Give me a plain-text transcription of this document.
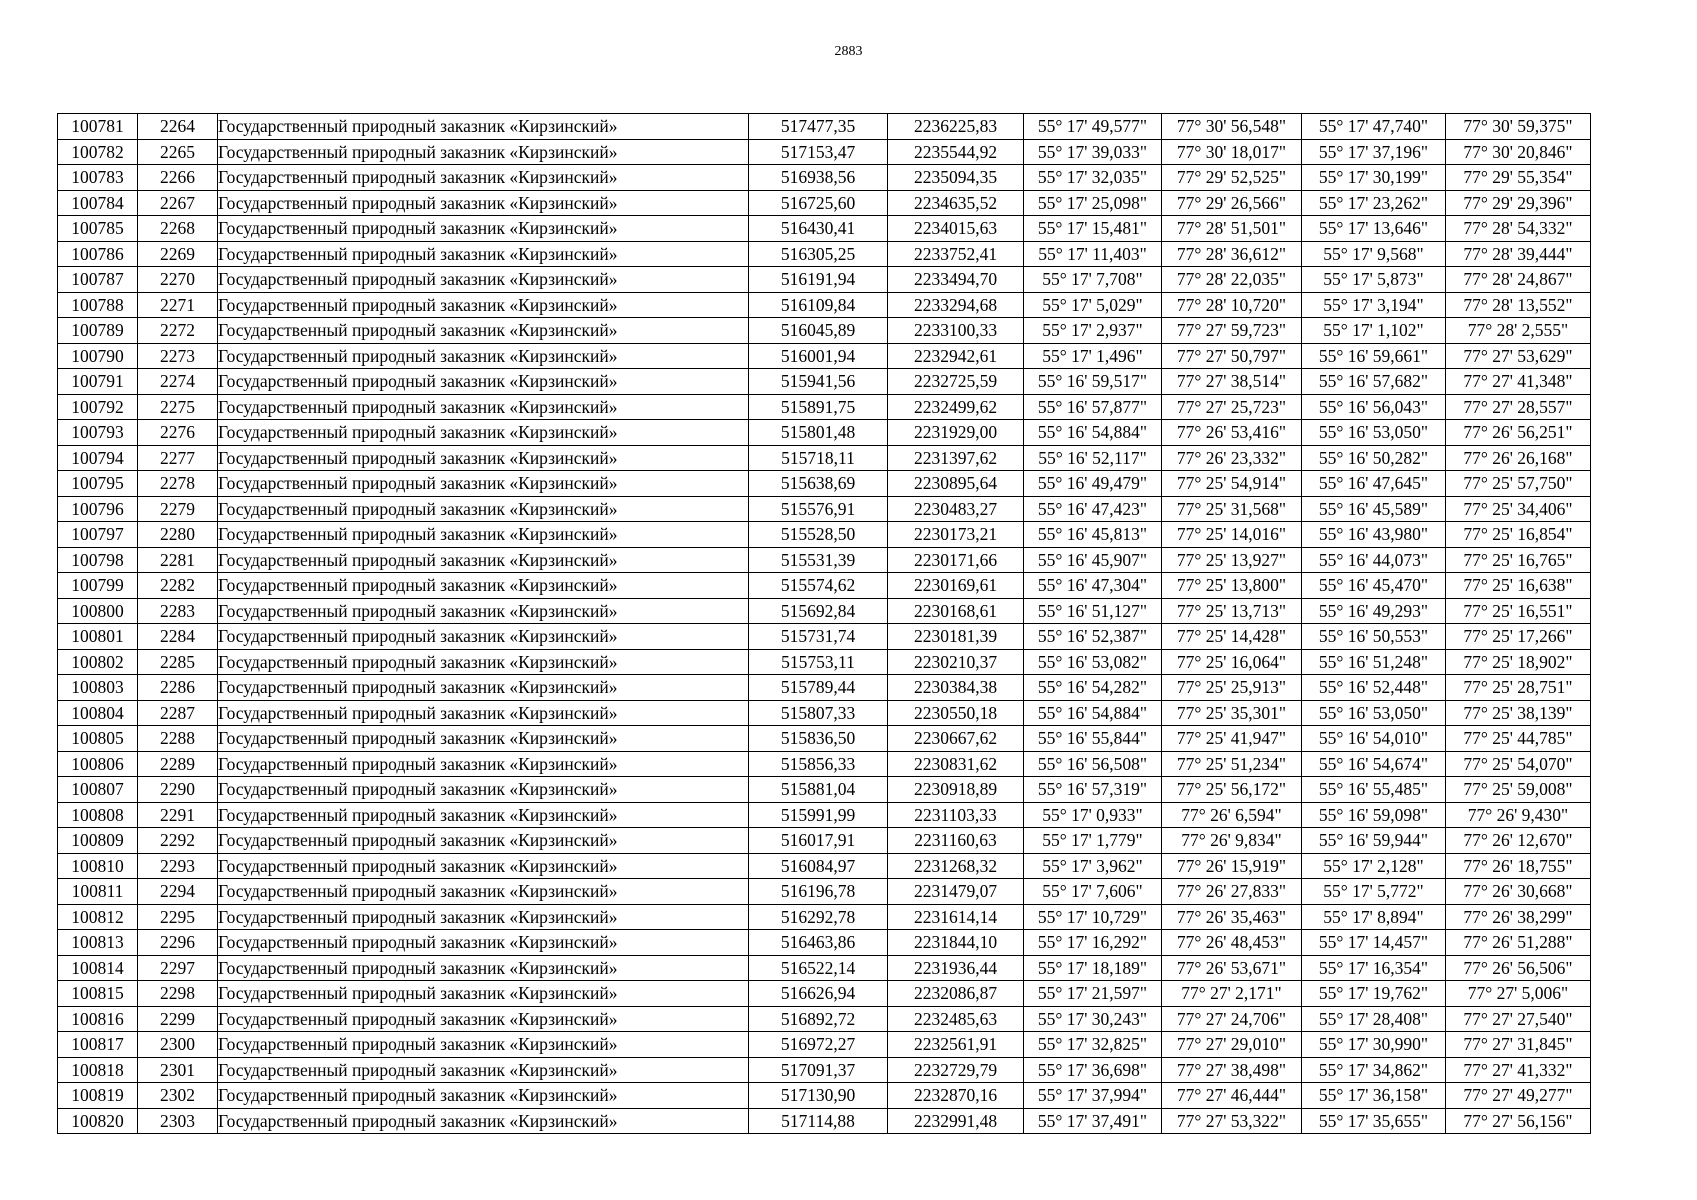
2883
100781	2264	Государственный природный заказник «Кирзинский»	517477,35	2236225,83	55° 17' 49,577"	77° 30' 56,548"	55° 17' 47,740"	77° 30' 59,375"
100782	2265	Государственный природный заказник «Кирзинский»	517153,47	2235544,92	55° 17' 39,033"	77° 30' 18,017"	55° 17' 37,196"	77° 30' 20,846"
100783	2266	Государственный природный заказник «Кирзинский»	516938,56	2235094,35	55° 17' 32,035"	77° 29' 52,525"	55° 17' 30,199"	77° 29' 55,354"
100784	2267	Государственный природный заказник «Кирзинский»	516725,60	2234635,52	55° 17' 25,098"	77° 29' 26,566"	55° 17' 23,262"	77° 29' 29,396"
100785	2268	Государственный природный заказник «Кирзинский»	516430,41	2234015,63	55° 17' 15,481"	77° 28' 51,501"	55° 17' 13,646"	77° 28' 54,332"
100786	2269	Государственный природный заказник «Кирзинский»	516305,25	2233752,41	55° 17' 11,403"	77° 28' 36,612"	55° 17' 9,568"	77° 28' 39,444"
100787	2270	Государственный природный заказник «Кирзинский»	516191,94	2233494,70	55° 17' 7,708"	77° 28' 22,035"	55° 17' 5,873"	77° 28' 24,867"
100788	2271	Государственный природный заказник «Кирзинский»	516109,84	2233294,68	55° 17' 5,029"	77° 28' 10,720"	55° 17' 3,194"	77° 28' 13,552"
100789	2272	Государственный природный заказник «Кирзинский»	516045,89	2233100,33	55° 17' 2,937"	77° 27' 59,723"	55° 17' 1,102"	77° 28' 2,555"
100790	2273	Государственный природный заказник «Кирзинский»	516001,94	2232942,61	55° 17' 1,496"	77° 27' 50,797"	55° 16' 59,661"	77° 27' 53,629"
100791	2274	Государственный природный заказник «Кирзинский»	515941,56	2232725,59	55° 16' 59,517"	77° 27' 38,514"	55° 16' 57,682"	77° 27' 41,348"
100792	2275	Государственный природный заказник «Кирзинский»	515891,75	2232499,62	55° 16' 57,877"	77° 27' 25,723"	55° 16' 56,043"	77° 27' 28,557"
100793	2276	Государственный природный заказник «Кирзинский»	515801,48	2231929,00	55° 16' 54,884"	77° 26' 53,416"	55° 16' 53,050"	77° 26' 56,251"
100794	2277	Государственный природный заказник «Кирзинский»	515718,11	2231397,62	55° 16' 52,117"	77° 26' 23,332"	55° 16' 50,282"	77° 26' 26,168"
100795	2278	Государственный природный заказник «Кирзинский»	515638,69	2230895,64	55° 16' 49,479"	77° 25' 54,914"	55° 16' 47,645"	77° 25' 57,750"
100796	2279	Государственный природный заказник «Кирзинский»	515576,91	2230483,27	55° 16' 47,423"	77° 25' 31,568"	55° 16' 45,589"	77° 25' 34,406"
100797	2280	Государственный природный заказник «Кирзинский»	515528,50	2230173,21	55° 16' 45,813"	77° 25' 14,016"	55° 16' 43,980"	77° 25' 16,854"
100798	2281	Государственный природный заказник «Кирзинский»	515531,39	2230171,66	55° 16' 45,907"	77° 25' 13,927"	55° 16' 44,073"	77° 25' 16,765"
100799	2282	Государственный природный заказник «Кирзинский»	515574,62	2230169,61	55° 16' 47,304"	77° 25' 13,800"	55° 16' 45,470"	77° 25' 16,638"
100800	2283	Государственный природный заказник «Кирзинский»	515692,84	2230168,61	55° 16' 51,127"	77° 25' 13,713"	55° 16' 49,293"	77° 25' 16,551"
100801	2284	Государственный природный заказник «Кирзинский»	515731,74	2230181,39	55° 16' 52,387"	77° 25' 14,428"	55° 16' 50,553"	77° 25' 17,266"
100802	2285	Государственный природный заказник «Кирзинский»	515753,11	2230210,37	55° 16' 53,082"	77° 25' 16,064"	55° 16' 51,248"	77° 25' 18,902"
100803	2286	Государственный природный заказник «Кирзинский»	515789,44	2230384,38	55° 16' 54,282"	77° 25' 25,913"	55° 16' 52,448"	77° 25' 28,751"
100804	2287	Государственный природный заказник «Кирзинский»	515807,33	2230550,18	55° 16' 54,884"	77° 25' 35,301"	55° 16' 53,050"	77° 25' 38,139"
100805	2288	Государственный природный заказник «Кирзинский»	515836,50	2230667,62	55° 16' 55,844"	77° 25' 41,947"	55° 16' 54,010"	77° 25' 44,785"
100806	2289	Государственный природный заказник «Кирзинский»	515856,33	2230831,62	55° 16' 56,508"	77° 25' 51,234"	55° 16' 54,674"	77° 25' 54,070"
100807	2290	Государственный природный заказник «Кирзинский»	515881,04	2230918,89	55° 16' 57,319"	77° 25' 56,172"	55° 16' 55,485"	77° 25' 59,008"
100808	2291	Государственный природный заказник «Кирзинский»	515991,99	2231103,33	55° 17' 0,933"	77° 26' 6,594"	55° 16' 59,098"	77° 26' 9,430"
100809	2292	Государственный природный заказник «Кирзинский»	516017,91	2231160,63	55° 17' 1,779"	77° 26' 9,834"	55° 16' 59,944"	77° 26' 12,670"
100810	2293	Государственный природный заказник «Кирзинский»	516084,97	2231268,32	55° 17' 3,962"	77° 26' 15,919"	55° 17' 2,128"	77° 26' 18,755"
100811	2294	Государственный природный заказник «Кирзинский»	516196,78	2231479,07	55° 17' 7,606"	77° 26' 27,833"	55° 17' 5,772"	77° 26' 30,668"
100812	2295	Государственный природный заказник «Кирзинский»	516292,78	2231614,14	55° 17' 10,729"	77° 26' 35,463"	55° 17' 8,894"	77° 26' 38,299"
100813	2296	Государственный природный заказник «Кирзинский»	516463,86	2231844,10	55° 17' 16,292"	77° 26' 48,453"	55° 17' 14,457"	77° 26' 51,288"
100814	2297	Государственный природный заказник «Кирзинский»	516522,14	2231936,44	55° 17' 18,189"	77° 26' 53,671"	55° 17' 16,354"	77° 26' 56,506"
100815	2298	Государственный природный заказник «Кирзинский»	516626,94	2232086,87	55° 17' 21,597"	77° 27' 2,171"	55° 17' 19,762"	77° 27' 5,006"
100816	2299	Государственный природный заказник «Кирзинский»	516892,72	2232485,63	55° 17' 30,243"	77° 27' 24,706"	55° 17' 28,408"	77° 27' 27,540"
100817	2300	Государственный природный заказник «Кирзинский»	516972,27	2232561,91	55° 17' 32,825"	77° 27' 29,010"	55° 17' 30,990"	77° 27' 31,845"
100818	2301	Государственный природный заказник «Кирзинский»	517091,37	2232729,79	55° 17' 36,698"	77° 27' 38,498"	55° 17' 34,862"	77° 27' 41,332"
100819	2302	Государственный природный заказник «Кирзинский»	517130,90	2232870,16	55° 17' 37,994"	77° 27' 46,444"	55° 17' 36,158"	77° 27' 49,277"
100820	2303	Государственный природный заказник «Кирзинский»	517114,88	2232991,48	55° 17' 37,491"	77° 27' 53,322"	55° 17' 35,655"	77° 27' 56,156"
